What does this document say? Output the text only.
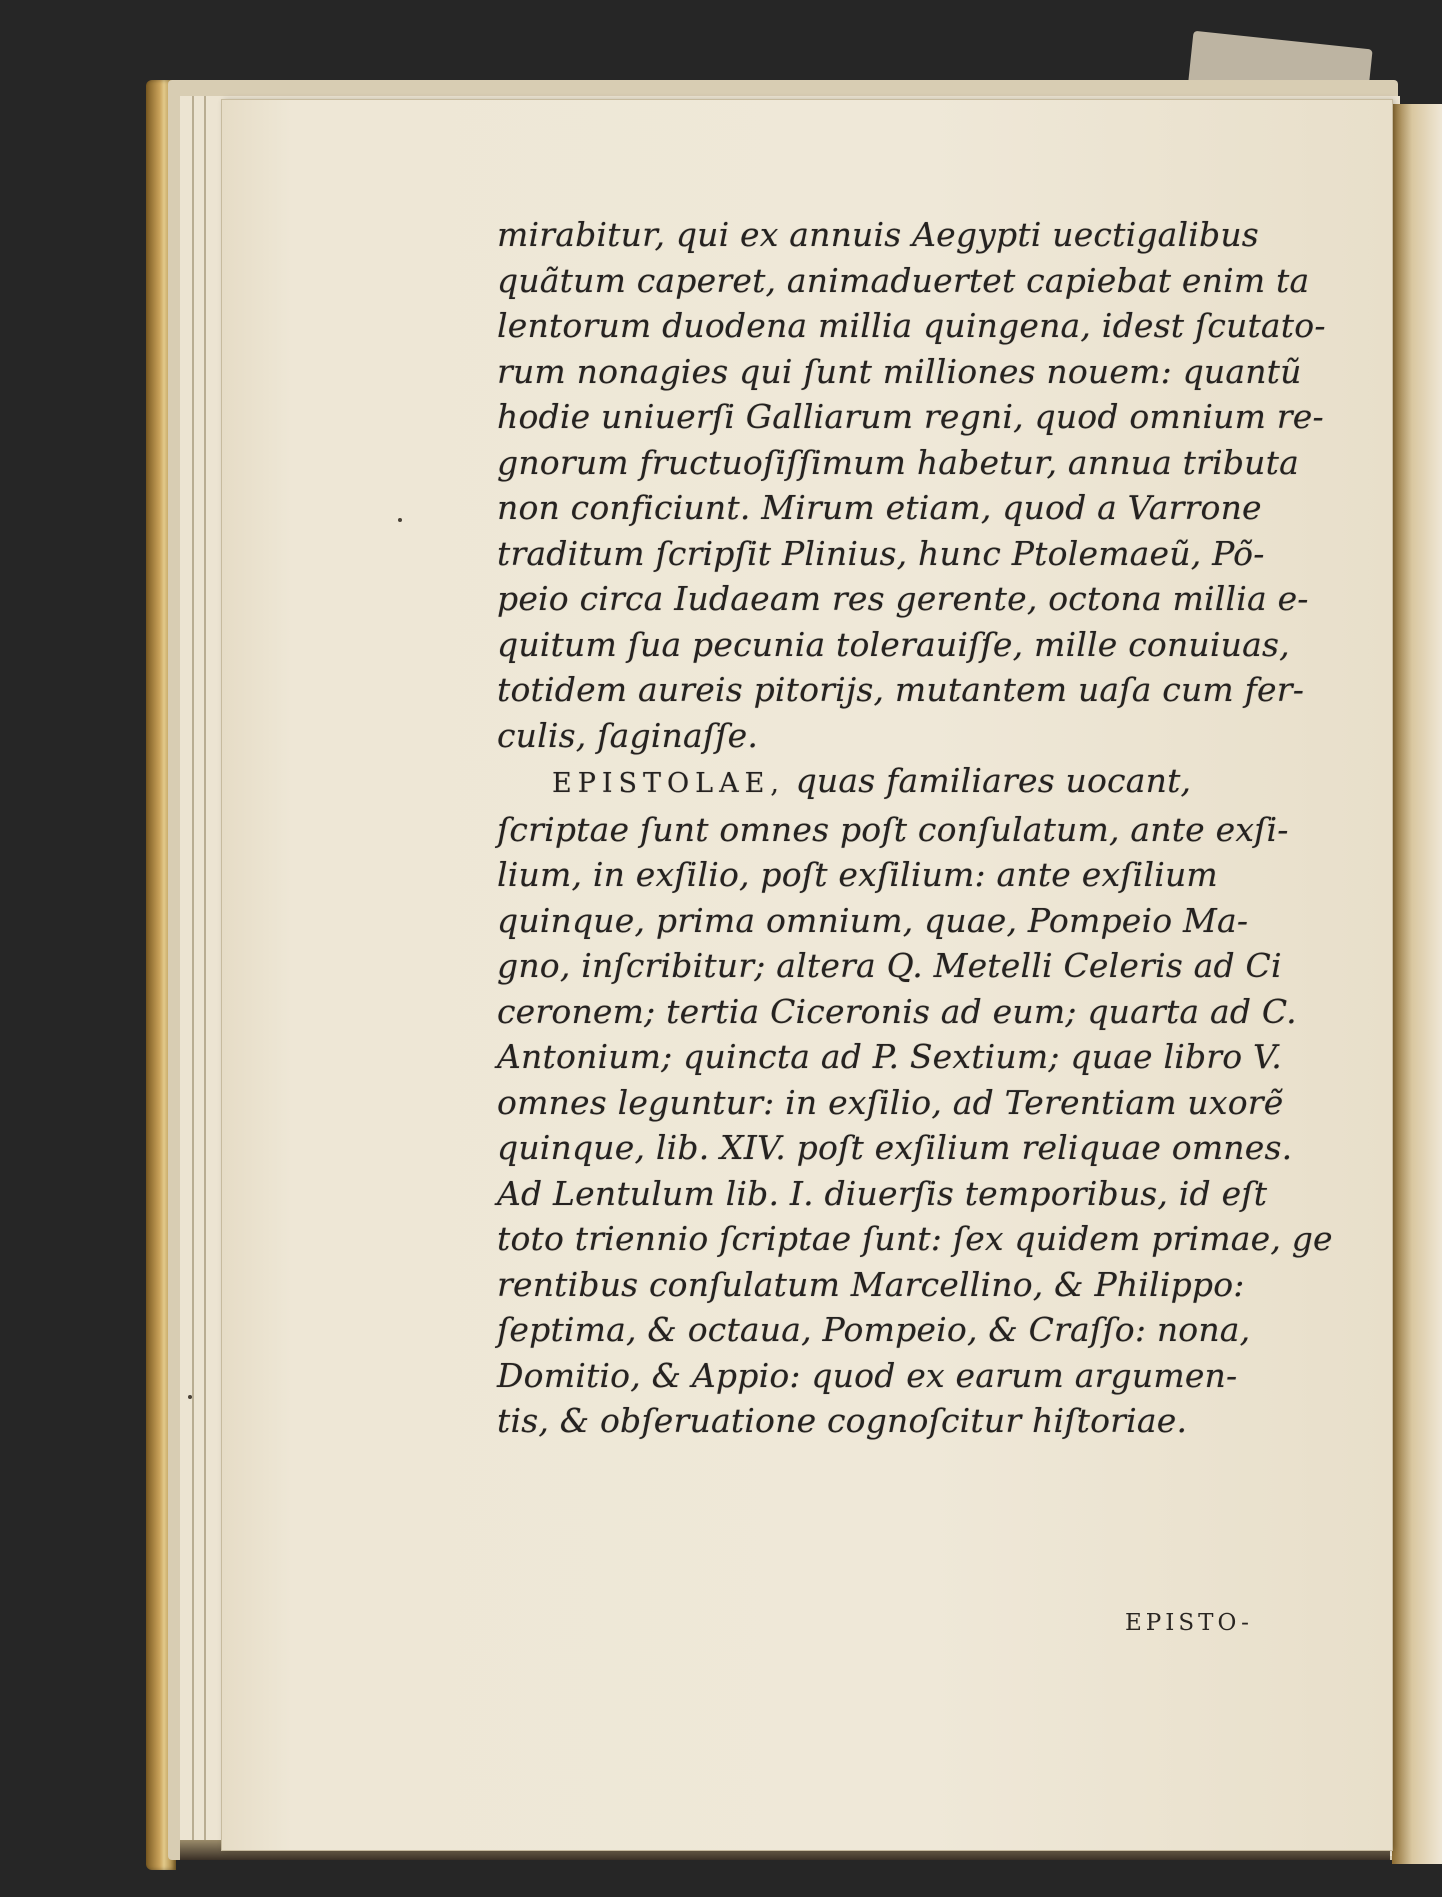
mirabitur, qui ex annuis Aegypti uectigalibus
quãtum caperet, animaduertet capiebat enim ta
lentorum duodena millia quingena, idest ſcutato-
rum nonagies qui ſunt milliones nouem: quantũ
hodie uniuerſi Galliarum regni, quod omnium re-
gnorum fructuoſiſſimum habetur, annua tributa
non conficiunt. Mirum etiam, quod a Varrone
traditum ſcripſit Plinius, hunc Ptolemaeũ, Põ-
peio circa Iudaeam res gerente, octona millia e-
quitum ſua pecunia tolerauiſſe, mille conuiuas,
totidem aureis pitorijs, mutantem uaſa cum fer-
culis, ſaginaſſe.
EPISTOLAE, quas familiares uocant,
ſcriptae ſunt omnes poſt conſulatum, ante exſi-
lium, in exſilio, poſt exſilium: ante exſilium
quinque, prima omnium, quae, Pompeio Ma-
gno, inſcribitur; altera Q. Metelli Celeris ad Ci
ceronem; tertia Ciceronis ad eum; quarta ad C.
Antonium; quincta ad P. Sextium; quae libro V.
omnes leguntur: in exſilio, ad Terentiam uxorẽ
quinque, lib. XIV. poſt exſilium reliquae omnes.
Ad Lentulum lib. I. diuerſis temporibus, id eſt
toto triennio ſcriptae ſunt: ſex quidem primae, ge
rentibus conſulatum Marcellino, & Philippo:
ſeptima, & octaua, Pompeio, & Craſſo: nona,
Domitio, & Appio: quod ex earum argumen-
tis, & obſeruatione cognoſcitur hiſtoriae.
EPISTO-
